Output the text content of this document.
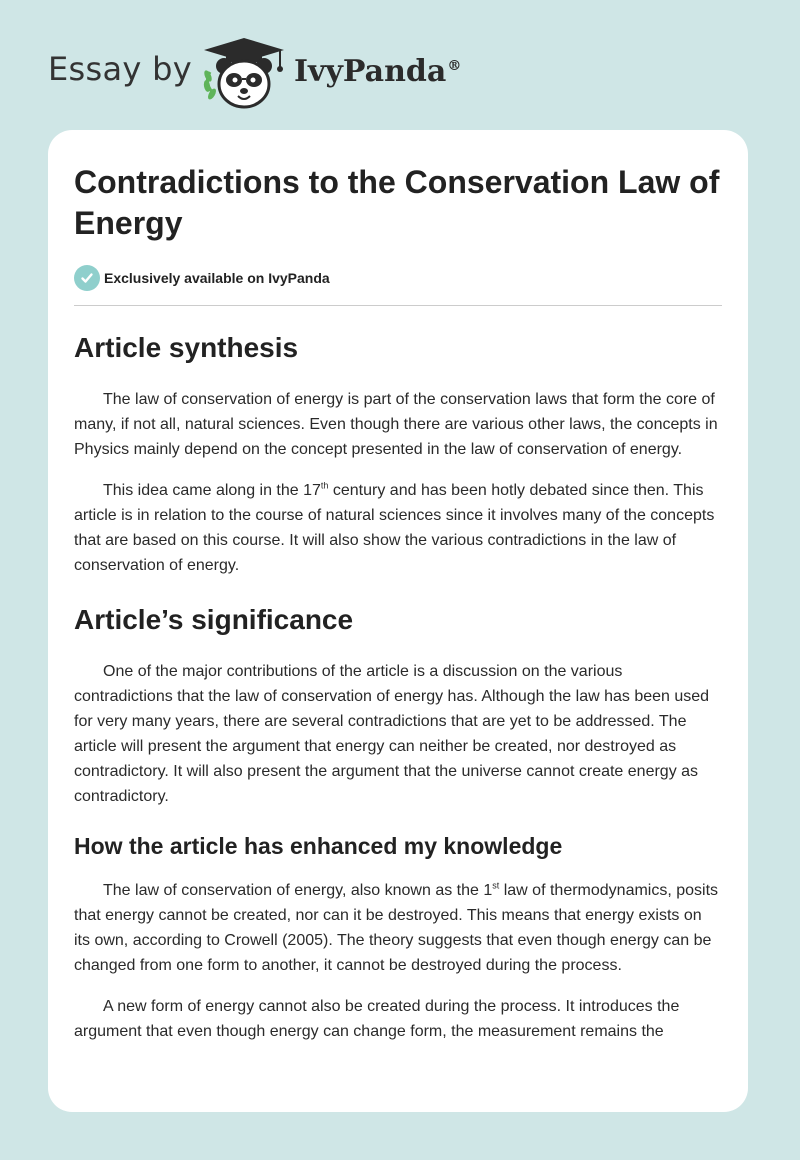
Essay by	IvyPanda®
Contradictions to the Conservation Law of Energy
Exclusively available on IvyPanda
Article synthesis

The law of conservation of energy is part of the conservation laws that form the core of many, if not all, natural sciences. Even though there are various other laws, the concepts in Physics mainly depend on the concept presented in the law of conservation of energy.

This idea came along in the 17th century and has been hotly debated since then. This article is in relation to the course of natural sciences since it involves many of the concepts that are based on this course. It will also show the various contradictions in the law of conservation of energy.

Article’s significance

One of the major contributions of the article is a discussion on the various contradictions that the law of conservation of energy has. Although the law has been used for very many years, there are several contradictions that are yet to be addressed. The article will present the argument that energy can neither be created, nor destroyed as contradictory. It will also present the argument that the universe cannot create energy as contradictory.

How the article has enhanced my knowledge

The law of conservation of energy, also known as the 1st law of thermodynamics, posits that energy cannot be created, nor can it be destroyed. This means that energy exists on its own, according to Crowell (2005). The theory suggests that even though energy can be changed from one form to another, it cannot be destroyed during the process.

A new form of energy cannot also be created during the process. It introduces the argument that even though energy can change form, the measurement remains the
